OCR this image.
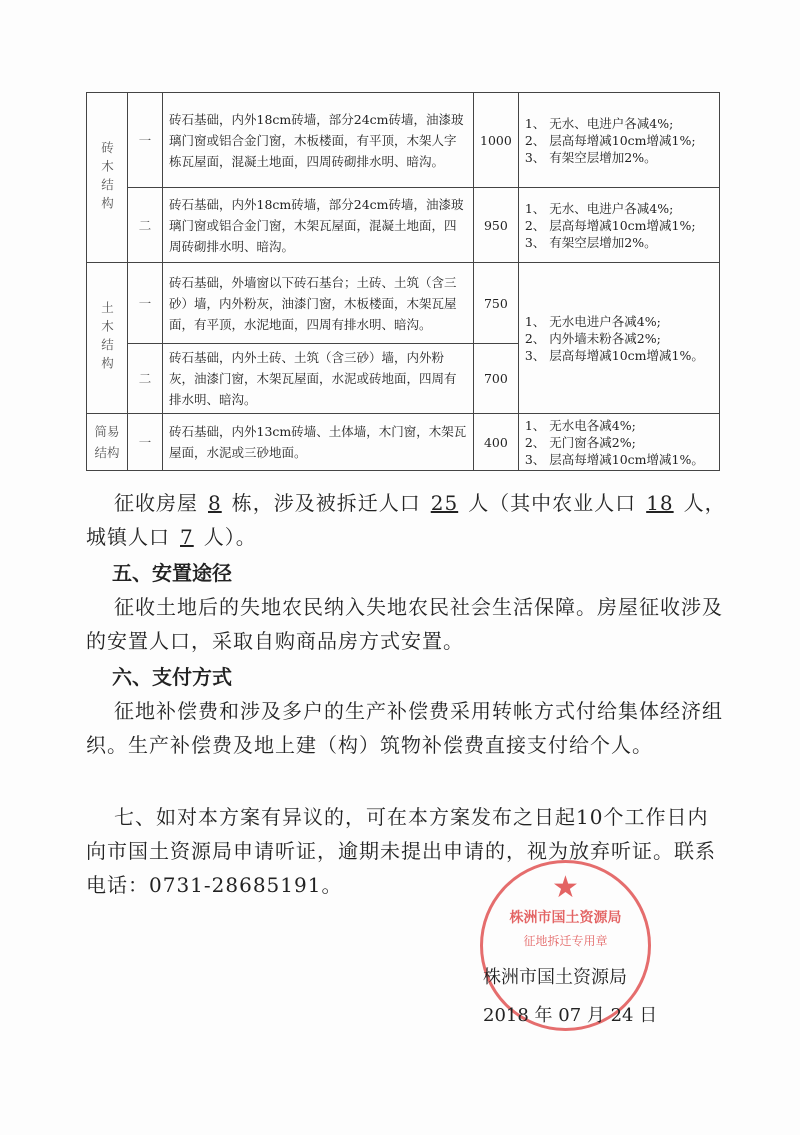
砖木结构	一	砖石基础，内外18cm砖墙，部分24cm砖墙，油漆玻璃门窗或铝合金门窗，木板楼面，有平顶，木架人字栋瓦屋面，混凝土地面，四周砖砌排水明、暗沟。	1000	1、 无水、电进户各减4%;
2、 层高每增减10cm增减1%;
3、 有架空层增加2%。

	二	砖石基础，内外18cm砖墙，部分24cm砖墙，油漆玻璃门窗或铝合金门窗，木架瓦屋面，混凝土地面，四周砖砌排水明、暗沟。	950	1、 无水、电进户各减4%;
2、 层高每增减10cm增减1%;
3、 有架空层增加2%。

土木结构	一	砖石基础，外墙窗以下砖石基台；土砖、土筑（含三砂）墙，内外粉灰，油漆门窗，木板楼面，木架瓦屋面，有平顶，水泥地面，四周有排水明、暗沟。	750	1、 无水电进户各减4%;
2、 内外墙未粉各减2%;
3、 层高每增减10cm增减1%。

	二	砖石基础，内外土砖、土筑（含三砂）墙，内外粉灰，油漆门窗，木架瓦屋面，水泥或砖地面，四周有排水明、暗沟。	700	
简易结构	一	砖石基础，内外13cm砖墙、土体墙，木门窗，木架瓦屋面，水泥或三砂地面。	400	1、 无水电各减4%;
2、 无门窗各减2%;
3、 层高每增减10cm增减1%。
征收房屋 8 栋，涉及被拆迁人口 25 人（其中农业人口 18 人，城镇人口 7 人）。
五、安置途径
征收土地后的失地农民纳入失地农民社会生活保障。房屋征收涉及的安置人口，采取自购商品房方式安置。
六、支付方式
征地补偿费和涉及多户的生产补偿费采用转帐方式付给集体经济组织。生产补偿费及地上建（构）筑物补偿费直接支付给个人。
七、如对本方案有异议的，可在本方案发布之日起10个工作日内向市国土资源局申请听证，逾期未提出申请的，视为放弃听证。联系电话：0731-28685191。	★
株洲市国土资源局
征地拆迁专用章
株洲市国土资源局
2018 年 07 月 24 日
